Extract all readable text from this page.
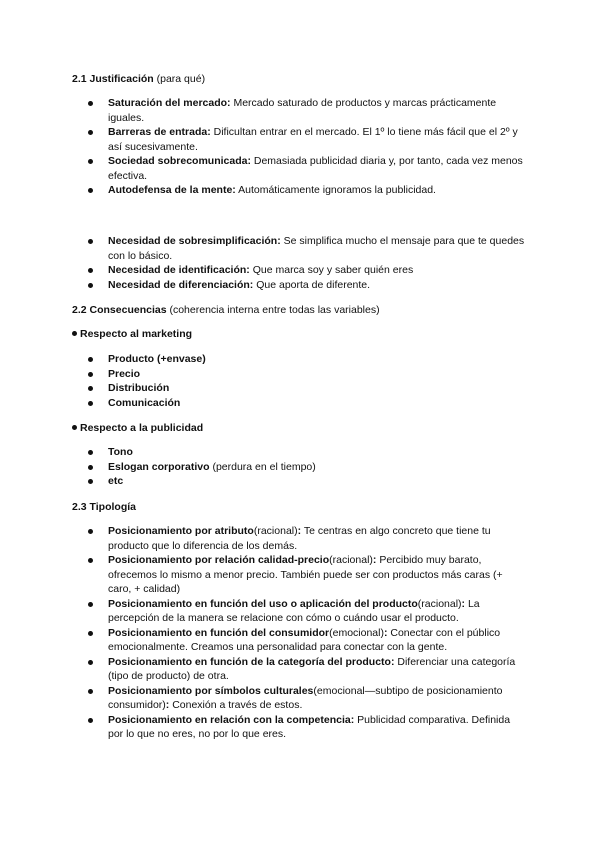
2.1 Justificación (para qué)

Saturación del mercado: Mercado saturado de productos y marcas prácticamente iguales.
Barreras de entrada: Dificultan entrar en el mercado. El 1º lo tiene más fácil que el 2º y así sucesivamente.
Sociedad sobrecomunicada: Demasiada publicidad diaria y, por tanto, cada vez menos efectiva.
Autodefensa de la mente: Automáticamente ignoramos la publicidad.
Necesidad de sobresimplificación: Se simplifica mucho el mensaje para que te quedes con lo básico.
Necesidad de identificación: Que marca soy y saber quién eres
Necesidad de diferenciación: Que aporta de diferente.

2.2 Consecuencias (coherencia interna entre todas las variables)

Respecto al marketing

Producto (+envase)
Precio
Distribución
Comunicación

Respecto a la publicidad

Tono
Eslogan corporativo (perdura en el tiempo)
etc

2.3 Tipología

Posicionamiento por atributo(racional): Te centras en algo concreto que tiene tu producto que lo diferencia de los demás.
Posicionamiento por relación calidad-precio(racional): Percibido muy barato, ofrecemos lo mismo a menor precio. También puede ser con productos más caras (+ caro, + calidad)
Posicionamiento en función del uso o aplicación del producto(racional): La percepción de la manera se relacione con cómo o cuándo usar el producto.
Posicionamiento en función del consumidor(emocional): Conectar con el público emocionalmente. Creamos una personalidad para conectar con la gente.
Posicionamiento en función de la categoría del producto: Diferenciar una categoría (tipo de producto) de otra.
Posicionamiento por símbolos culturales(emocional—subtipo de posicionamiento consumidor): Conexión a través de estos.
Posicionamiento en relación con la competencia: Publicidad comparativa. Definida por lo que no eres, no por lo que eres.
